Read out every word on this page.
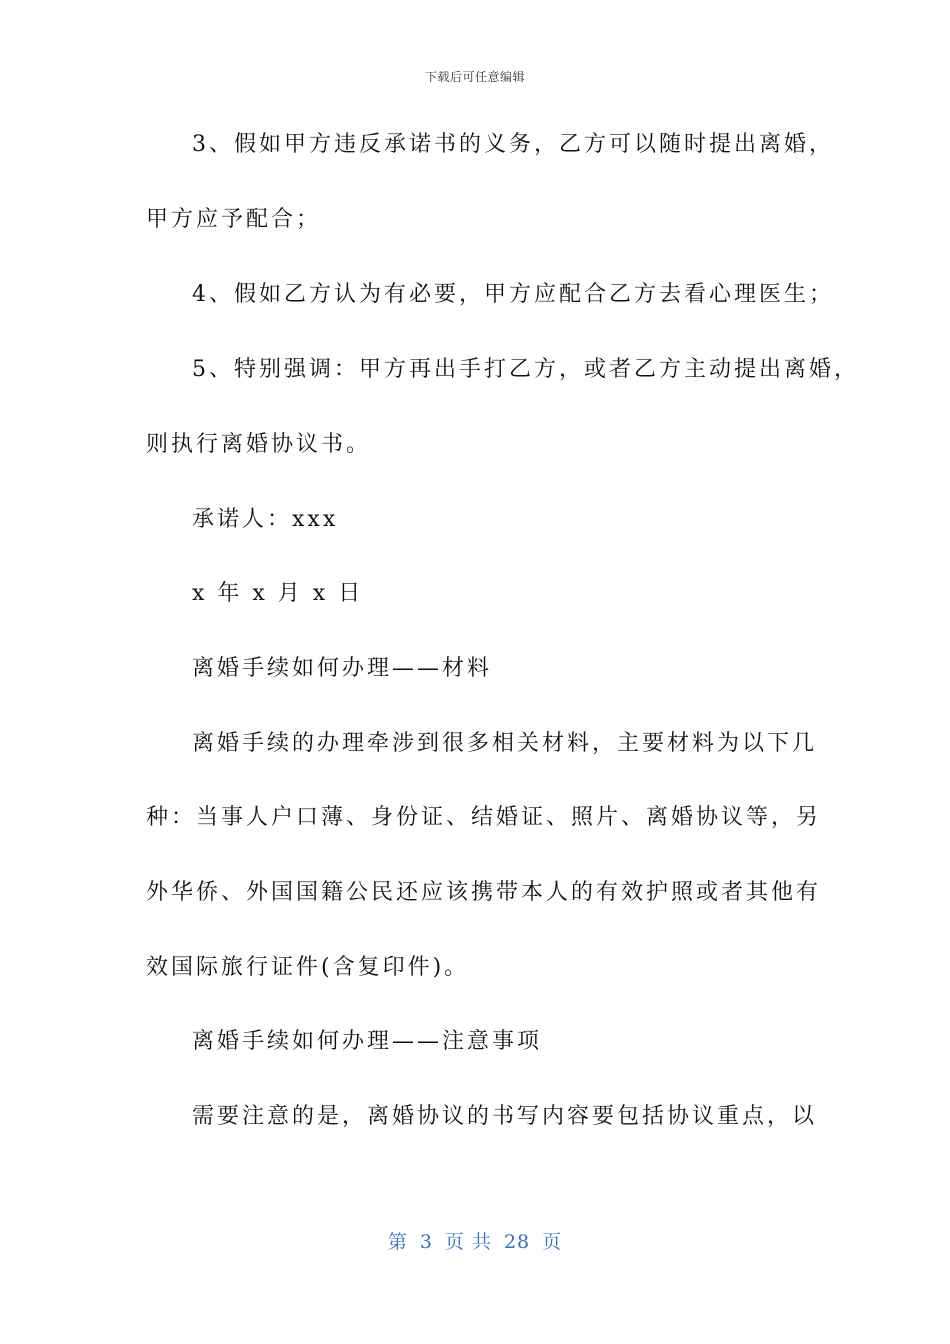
下载后可任意编辑
3、假如甲方违反承诺书的义务，乙方可以随时提出离婚，
甲方应予配合；
4、假如乙方认为有必要，甲方应配合乙方去看心理医生；
5、特别强调：甲方再出手打乙方，或者乙方主动提出离婚，
则执行离婚协议书。
承诺人：xxx
x 年 x 月 x 日
离婚手续如何办理——材料
离婚手续的办理牵涉到很多相关材料，主要材料为以下几
种：当事人户口薄、身份证、结婚证、照片、离婚协议等，另
外华侨、外国国籍公民还应该携带本人的有效护照或者其他有
效国际旅行证件(含复印件)。
离婚手续如何办理——注意事项
需要注意的是，离婚协议的书写内容要包括协议重点，以
第 3 页 共 28 页
